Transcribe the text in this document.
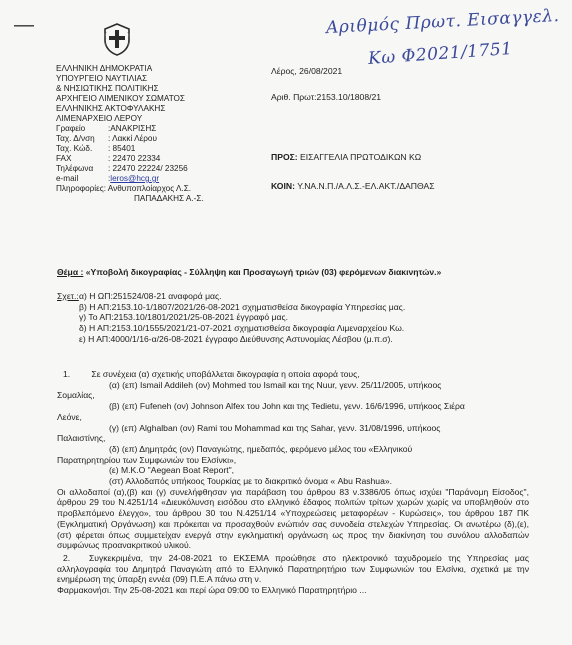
—	Αριθμός Πρωτ. Εισαγγελ.
Κω Φ2021/1751
ΕΛΛΗΝΙΚΗ ΔΗΜΟΚΡΑΤΙΑ
ΥΠΟΥΡΓΕΙΟ ΝΑΥΤΙΛΙΑΣ
& ΝΗΣΙΩΤΙΚΗΣ ΠΟΛΙΤΙΚΗΣ
ΑΡΧΗΓΕΙΟ ΛΙΜΕΝΙΚΟΥ ΣΩΜΑΤΟΣ
ΕΛΛΗΝΙΚΗΣ ΑΚΤΟΦΥΛΑΚΗΣ
ΛΙΜΕΝΑΡΧΕΙΟ ΛΕΡΟΥ
Λέρος, 26/08/2021
Αριθ. Πρωτ:2153.10/1808/21
Γραφείο	:ΑΝΑΚΡΙΣΗΣ
Ταχ. Δ/νση	: Λακκί Λέρου
Ταχ. Κώδ.	: 85401
FAX	: 22470 22334
Τηλέφωνα	: 22470 22224/ 23256
e-mail	: leros@hcg.gr
Πληροφορίες: Ανθυποπλοίαρχος Λ.Σ.
ΠΑΠΑΔΑΚΗΣ Α.-Σ.
ΠΡΟΣ: ΕΙΣΑΓΓΕΛΙΑ ΠΡΩΤΟΔΙΚΩΝ ΚΩ
ΚΟΙΝ: Υ.ΝΑ.Ν.Π./Α.Λ.Σ.-ΕΛ.ΑΚΤ./ΔΑΠΘΑΣ
Θέμα : «Υποβολή δικογραφίας - Σύλληψη και Προσαγωγή τριών (03) φερόμενων διακινητών.»
Σχετ.: α) Η ΩΠ:251524/08-21 αναφορά μας.
β) Η ΑΠ:2153.10-1/1807/2021/26-08-2021 σχηματισθείσα δικογραφία Υπηρεσίας μας.
γ) Το ΑΠ:2153.10/1801/2021/25-08-2021 έγγραφό μας.
δ) Η ΑΠ:2153.10/1555/2021/21-07-2021 σχηματισθείσα δικογραφία Λιμεναρχείου Κω.
ε) Η ΑΠ:4000/1/16-α/26-08-2021 έγγραφο Διεύθυνσης Αστυνομίας Λέσβου (μ.π.σ).
1. Σε συνέχεια (α) σχετικής υποβάλλεται δικογραφία η οποία αφορά τους,
(α) (επ) Ismail Addileh (ον) Mohmed του Ismail και της Nuur, γενν. 25/11/2005, υπήκοος
Σομαλίας,
(β) (επ) Fufeneh (ον) Johnson Alfex του John και της Tedietu, γενν. 16/6/1996, υπήκοος Σιέρα
Λεόνε,
(γ) (επ) Alghalban (ον) Rami του Mohammad και της Sahar, γενν. 31/08/1996, υπήκοος
Παλαιστίνης,
(δ) (επ) Δημητράς (ον) Παναγιώτης, ημεδαπός, φερόμενο μέλος του «Ελληνικού
Παρατηρητηρίου των Συμφωνιών του Ελσίνκι»,
(ε) Μ.Κ.Ο "Aegean Boat Report",
(στ) Αλλοδαπός υπήκοος Τουρκίας με το διακριτικό όνομα « Abu Rashua».
Οι αλλοδαποί (α),(β) και (γ) συνελήφθησαν για παράβαση του άρθρου 83 ν.3386/05 όπως ισχύει "Παράνομη Είσοδος", άρθρου 29 του Ν.4251/14 «Διευκόλυνση εισόδου στο ελληνικό έδαφος πολιτών τρίτων χωρών χωρίς να υποβληθούν στο προβλεπόμενο έλεγχο», του άρθρου 30 του Ν.4251/14 «Υποχρεώσεις μεταφορέων - Κυρώσεις», του άρθρου 187 ΠΚ (Εγκληματική Οργάνωση) και πρόκειται να προσαχθούν ενώπιόν σας συνοδεία στελεχών Υπηρεσίας. Οι ανωτέρω (δ),(ε),(στ) φέρεται όπως συμμετείχαν ενεργά στην εγκληματική οργάνωση ως προς την διακίνηση του συνόλου αλλοδαπών συμφώνως προανακριτικού υλικού.
2. Συγκεκριμένα, την 24-08-2021 το ΕΚΣΕΜΑ προώθησε στο ηλεκτρονικό ταχυδρομείο της Υπηρεσίας μας αλληλογραφία του Δημητρά Παναγιώτη από το Ελληνικό Παρατηρητήριο των Συμφωνιών του Ελσίνκι, σχετικά με την ενημέρωση της ύπαρξη εννέα (09) Π.Ε.Α πάνω στη ν.
Φαρμακονήσι. Την 25-08-2021 και περί ώρα 09:00 το Ελληνικό Παρατηρητήριο ...
